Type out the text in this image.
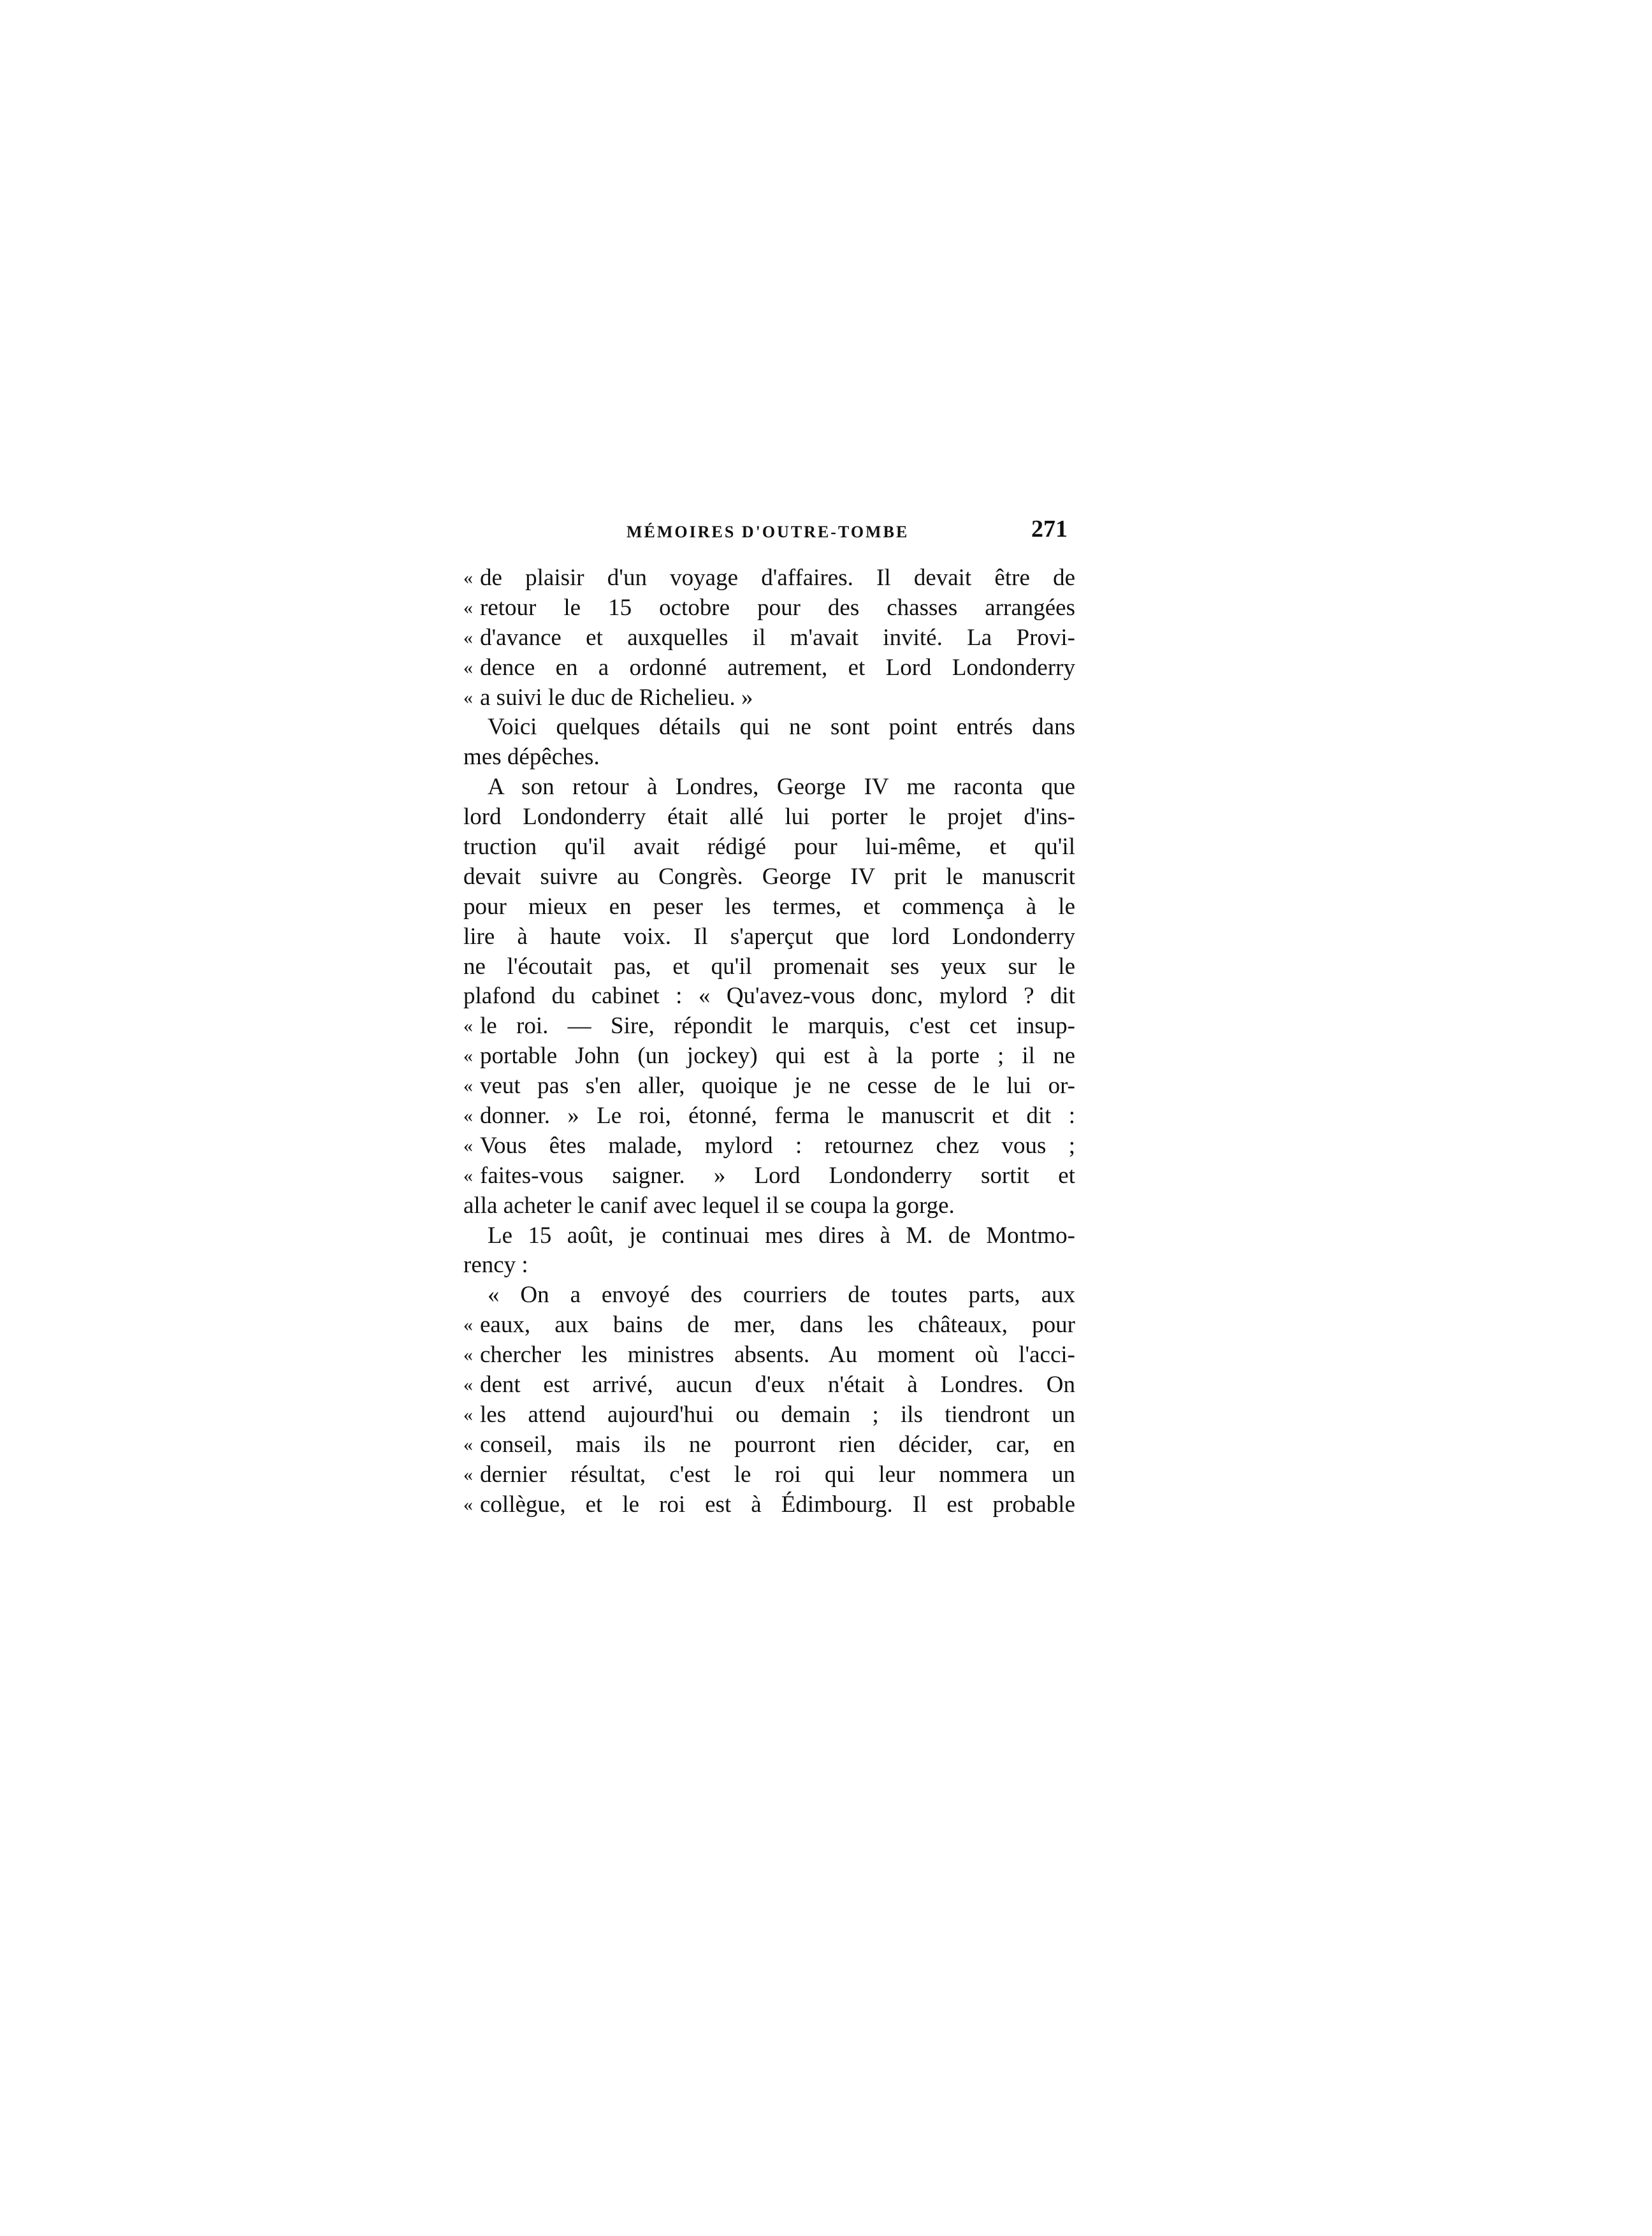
MÉMOIRES D'OUTRE-TOMBE	271
« de plaisir d'un voyage d'affaires. Il devait être de
« retour le 15 octobre pour des chasses arrangées
« d'avance et auxquelles il m'avait invité. La Provi-
« dence en a ordonné autrement, et Lord Londonderry
« a suivi le duc de Richelieu. »
Voici quelques détails qui ne sont point entrés dans
mes dépêches.
A son retour à Londres, George IV me raconta que
lord Londonderry était allé lui porter le projet d'ins-
truction qu'il avait rédigé pour lui-même, et qu'il
devait suivre au Congrès. George IV prit le manuscrit
pour mieux en peser les termes, et commença à le
lire à haute voix. Il s'aperçut que lord Londonderry
ne l'écoutait pas, et qu'il promenait ses yeux sur le
plafond du cabinet : « Qu'avez-vous donc, mylord ? dit
« le roi. — Sire, répondit le marquis, c'est cet insup-
« portable John (un jockey) qui est à la porte ; il ne
« veut pas s'en aller, quoique je ne cesse de le lui or-
« donner. » Le roi, étonné, ferma le manuscrit et dit :
« Vous êtes malade, mylord : retournez chez vous ;
« faites-vous saigner. » Lord Londonderry sortit et
alla acheter le canif avec lequel il se coupa la gorge.
Le 15 août, je continuai mes dires à M. de Montmo-
rency :
« On a envoyé des courriers de toutes parts, aux
« eaux, aux bains de mer, dans les châteaux, pour
« chercher les ministres absents. Au moment où l'acci-
« dent est arrivé, aucun d'eux n'était à Londres. On
« les attend aujourd'hui ou demain ; ils tiendront un
« conseil, mais ils ne pourront rien décider, car, en
« dernier résultat, c'est le roi qui leur nommera un
« collègue, et le roi est à Édimbourg. Il est probable
